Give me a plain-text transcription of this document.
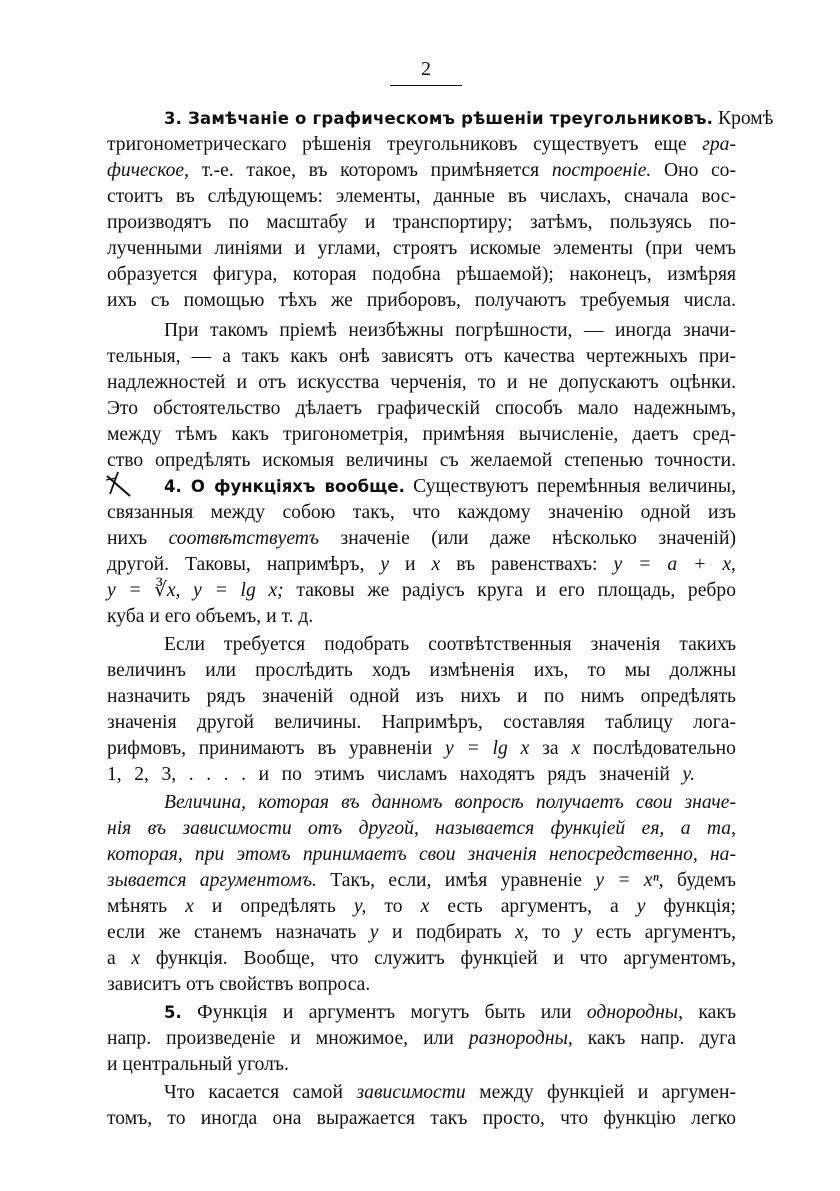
2
3. Замѣчаніе о графическомъ рѣшеніи треугольниковъ. Кромѣ
тригонометрическаго рѣшенія треугольниковъ существуетъ еще гра-
фическое, т.-е. такое, въ которомъ примѣняется построеніе. Оно со-
стоитъ въ слѣдующемъ: элементы, данные въ числахъ, сначала вос-
производятъ по масштабу и транспортиру; затѣмъ, пользуясь по-
лученными линіями и углами, строятъ искомые элементы (при чемъ
образуется фигура, которая подобна рѣшаемой); наконецъ, измѣряя
ихъ съ помощью тѣхъ же приборовъ, получаютъ требуемыя числа.
При такомъ пріемѣ неизбѣжны погрѣшности, — иногда значи-
тельныя, — а такъ какъ онѣ зависятъ отъ качества чертежныхъ при-
надлежностей и отъ искусства черченія, то и не допускаютъ оцѣнки.
Это обстоятельство дѣлаетъ графическій способъ мало надежнымъ,
между тѣмъ какъ тригонометрія, примѣняя вычисленіе, даетъ сред-
ство опредѣлять искомыя величины съ желаемой степенью точности.
4. О функціяхъ вообще. Существуютъ перемѣнныя величины,
связанныя между собою такъ, что каждому значенію одной изъ
нихъ соотвѣтствуетъ значеніе (или даже нѣсколько значеній)
другой. Таковы, напримѣръ, y и x въ равенствахъ: y = a + x,
y = ∛x, y = lg x; таковы же радіусъ круга и его площадь, ребро
куба и его объемъ, и т. д.
Если требуется подобрать соотвѣтственныя значенія такихъ
величинъ или прослѣдить ходъ измѣненія ихъ, то мы должны
назначить рядъ значеній одной изъ нихъ и по нимъ опредѣлять
значенія другой величины. Напримѣръ, составляя таблицу лога-
рифмовъ, принимаютъ въ уравненіи y = lg x за x послѣдовательно
1, 2, 3, . . . . и по этимъ числамъ находятъ рядъ значеній y.
Величина, которая въ данномъ вопросѣ получаетъ свои значе-
нія въ зависимости отъ другой, называется функціей ея, а та,
которая, при этомъ принимаетъ свои значенія непосредственно, на-
зывается аргументомъ. Такъ, если, имѣя уравненіе y = xⁿ, будемъ
мѣнять x и опредѣлять y, то x есть аргументъ, а y функція;
если же станемъ назначать y и подбирать x, то y есть аргументъ,
а x функція. Вообще, что служитъ функціей и что аргументомъ,
зависитъ отъ свойствъ вопроса.
5. Функція и аргументъ могутъ быть или однородны, какъ
напр. произведеніе и множимое, или разнородны, какъ напр. дуга
и центральный уголъ.
Что касается самой зависимости между функціей и аргумен-
томъ, то иногда она выражается такъ просто, что функцію легко
